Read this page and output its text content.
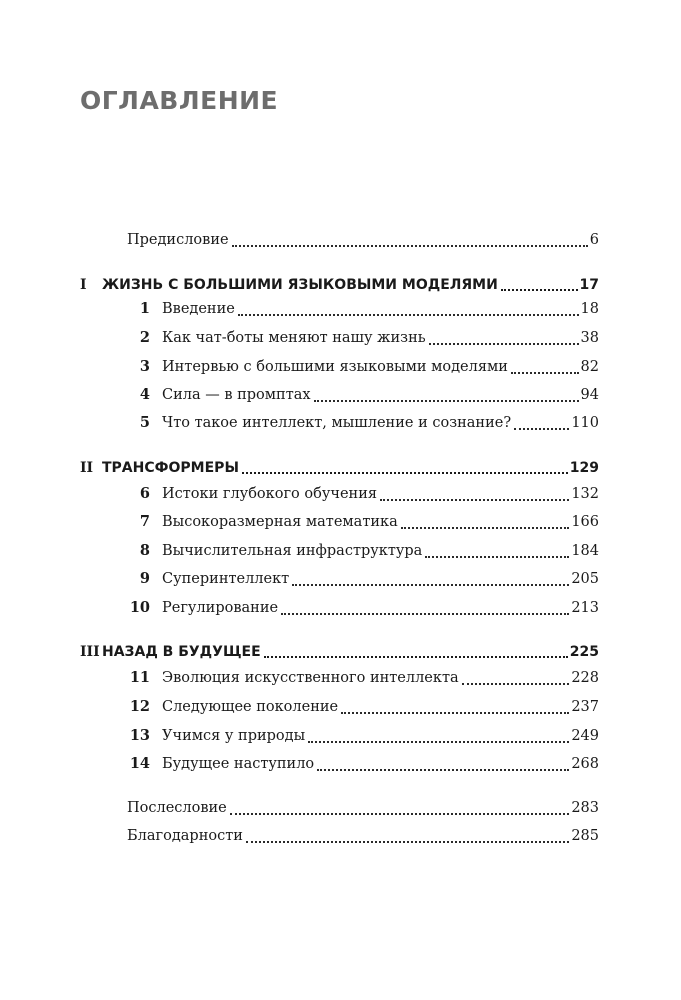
ОГЛАВЛЕНИЕ
Предисловие	6
I	ЖИЗНЬ С БОЛЬШИМИ ЯЗЫКОВЫМИ МОДЕЛЯМИ	17
1 Введение	18
2 Как чат-боты меняют нашу жизнь	38
3 Интервью с большими языковыми моделями	82
4 Сила — в промптах	94
5 Что такое интеллект, мышление и сознание?	110
II ТРАНСФОРМЕРЫ	129
6 Истоки глубокого обучения	132
7 Высокоразмерная математика	166
8 Вычислительная инфраструктура	184
9 Суперинтеллект	205
10 Регулирование	213
III НАЗАД В БУДУЩЕЕ	225
11 Эволюция искусственного интеллекта	228
12 Следующее поколение	237
13 Учимся у природы	249
14 Будущее наступило	268
Послесловие	283
Благодарности	285
